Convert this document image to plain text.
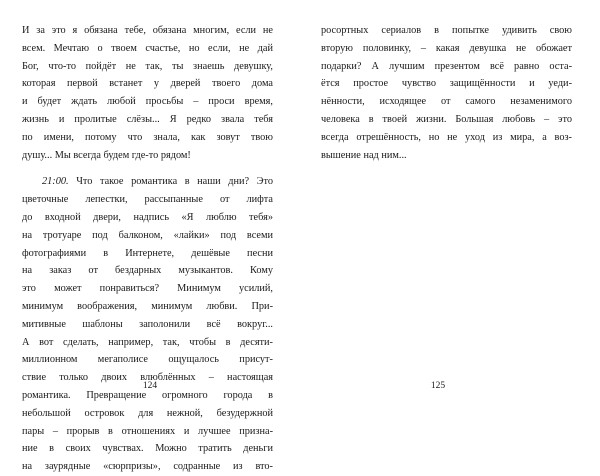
И за это я обязана тебе, обязана многим, если не
всем. Мечтаю о твоем счастье, но если, не дай
Бог, что-то пойдёт не так, ты знаешь девушку,
которая первой встанет у дверей твоего дома
и будет ждать любой просьбы – проси время,
жизнь и пролитые слёзы... Я редко звала тебя
по имени, потому что знала, как зовут твою
душу... Мы всегда будем где-то рядом!
21:00. Что такое романтика в наши дни? Это
цветочные лепестки, рассыпанные от лифта
до входной двери, надпись «Я люблю тебя»
на тротуаре под балконом, «лайки» под всеми
фотографиями в Интернете, дешёвые песни
на заказ от бездарных музыкантов. Кому
это может понравиться? Минимум усилий,
минимум воображения, минимум любви. При-
митивные шаблоны заполонили всё вокруг...
А вот сделать, например, так, чтобы в десяти-
миллионном мегаполисе ощущалось присут-
ствие только двоих влюблённых – настоящая
романтика. Превращение огромного города в
небольшой островок для нежной, безудержной
пары – прорыв в отношениях и лучшее призна-
ние в своих чувствах. Можно тратить деньги
на заурядные «сюрпризы», содранные из вто-
124
росортных сериалов в попытке удивить свою
вторую половинку, – какая девушка не обожает
подарки? А лучшим презентом всё равно оста-
ётся простое чувство защищённости и уеди-
нённости, исходящее от самого незаменимого
человека в твоей жизни. Большая любовь – это
всегда отрешённость, но не уход из мира, а воз-
вышение над ним...
125
